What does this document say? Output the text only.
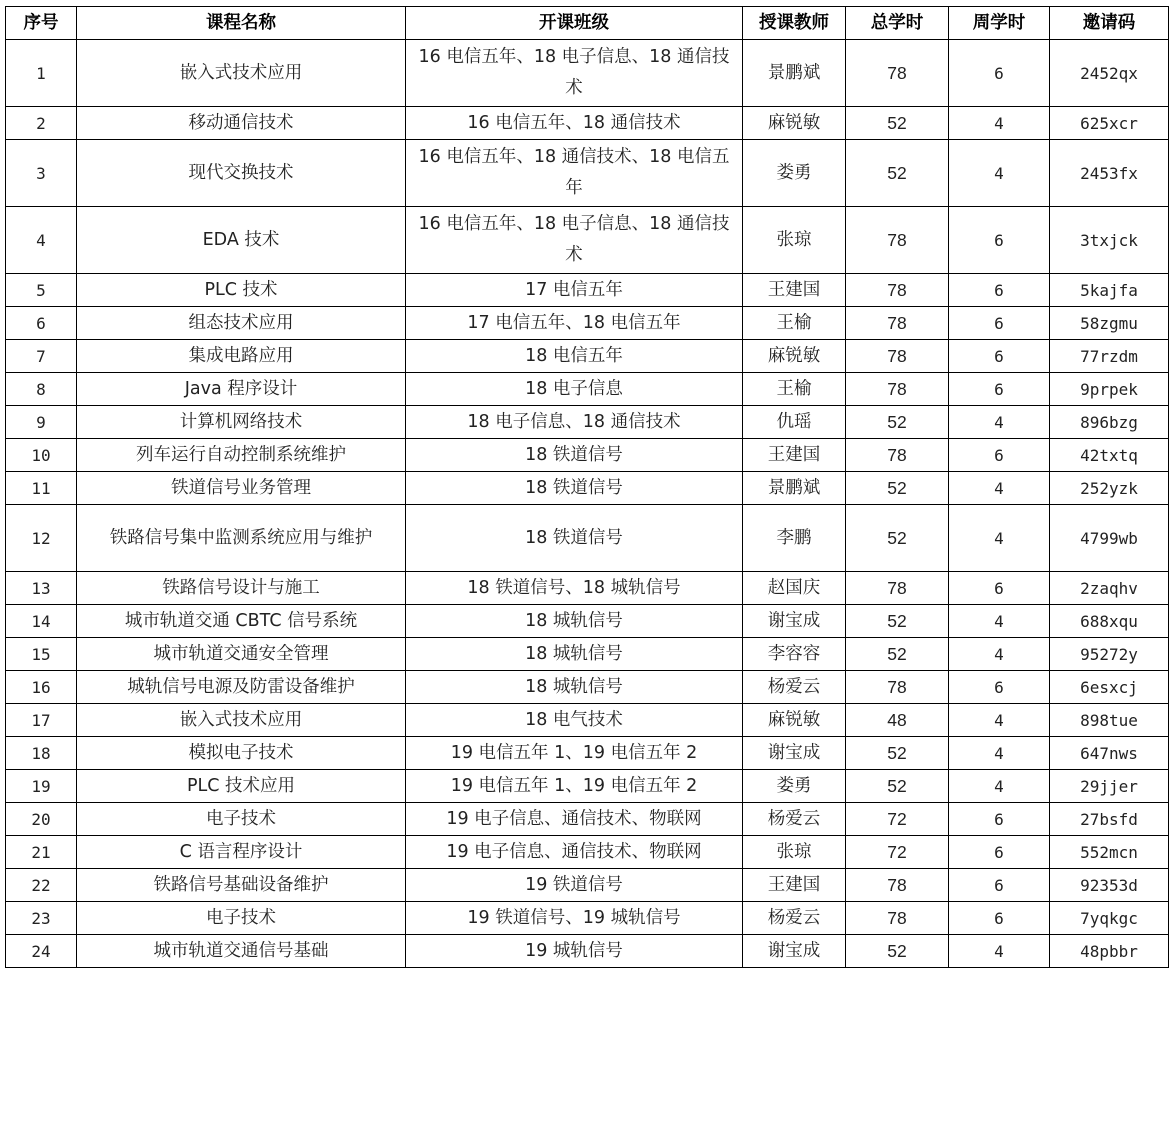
序号	课程名称	开课班级	授课教师	总学时	周学时	邀请码
1	嵌入式技术应用	16 电信五年、18 电子信息、18 通信技术	景鹏斌	78	6	2452qx
2	移动通信技术	16 电信五年、18 通信技术	麻锐敏	52	4	625xcr
3	现代交换技术	16 电信五年、18 通信技术、18 电信五年	娄勇	52	4	2453fx
4	EDA 技术	16 电信五年、18 电子信息、18 通信技术	张琼	78	6	3txjck
5	PLC 技术	17 电信五年	王建国	78	6	5kajfa
6	组态技术应用	17 电信五年、18 电信五年	王榆	78	6	58zgmu
7	集成电路应用	18 电信五年	麻锐敏	78	6	77rzdm
8	Java 程序设计	18 电子信息	王榆	78	6	9prpek
9	计算机网络技术	18 电子信息、18 通信技术	仇瑶	52	4	896bzg
10	列车运行自动控制系统维护	18 铁道信号	王建国	78	6	42txtq
11	铁道信号业务管理	18 铁道信号	景鹏斌	52	4	252yzk
12	铁路信号集中监测系统应用与维护	18 铁道信号	李鹏	52	4	4799wb
13	铁路信号设计与施工	18 铁道信号、18 城轨信号	赵国庆	78	6	2zaqhv
14	城市轨道交通 CBTC 信号系统	18 城轨信号	谢宝成	52	4	688xqu
15	城市轨道交通安全管理	18 城轨信号	李容容	52	4	95272y
16	城轨信号电源及防雷设备维护	18 城轨信号	杨爱云	78	6	6esxcj
17	嵌入式技术应用	18 电气技术	麻锐敏	48	4	898tue
18	模拟电子技术	19 电信五年 1、19 电信五年 2	谢宝成	52	4	647nws
19	PLC 技术应用	19 电信五年 1、19 电信五年 2	娄勇	52	4	29jjer
20	电子技术	19 电子信息、通信技术、物联网	杨爱云	72	6	27bsfd
21	C 语言程序设计	19 电子信息、通信技术、物联网	张琼	72	6	552mcn
22	铁路信号基础设备维护	19 铁道信号	王建国	78	6	92353d
23	电子技术	19 铁道信号、19 城轨信号	杨爱云	78	6	7yqkgc
24	城市轨道交通信号基础	19 城轨信号	谢宝成	52	4	48pbbr
